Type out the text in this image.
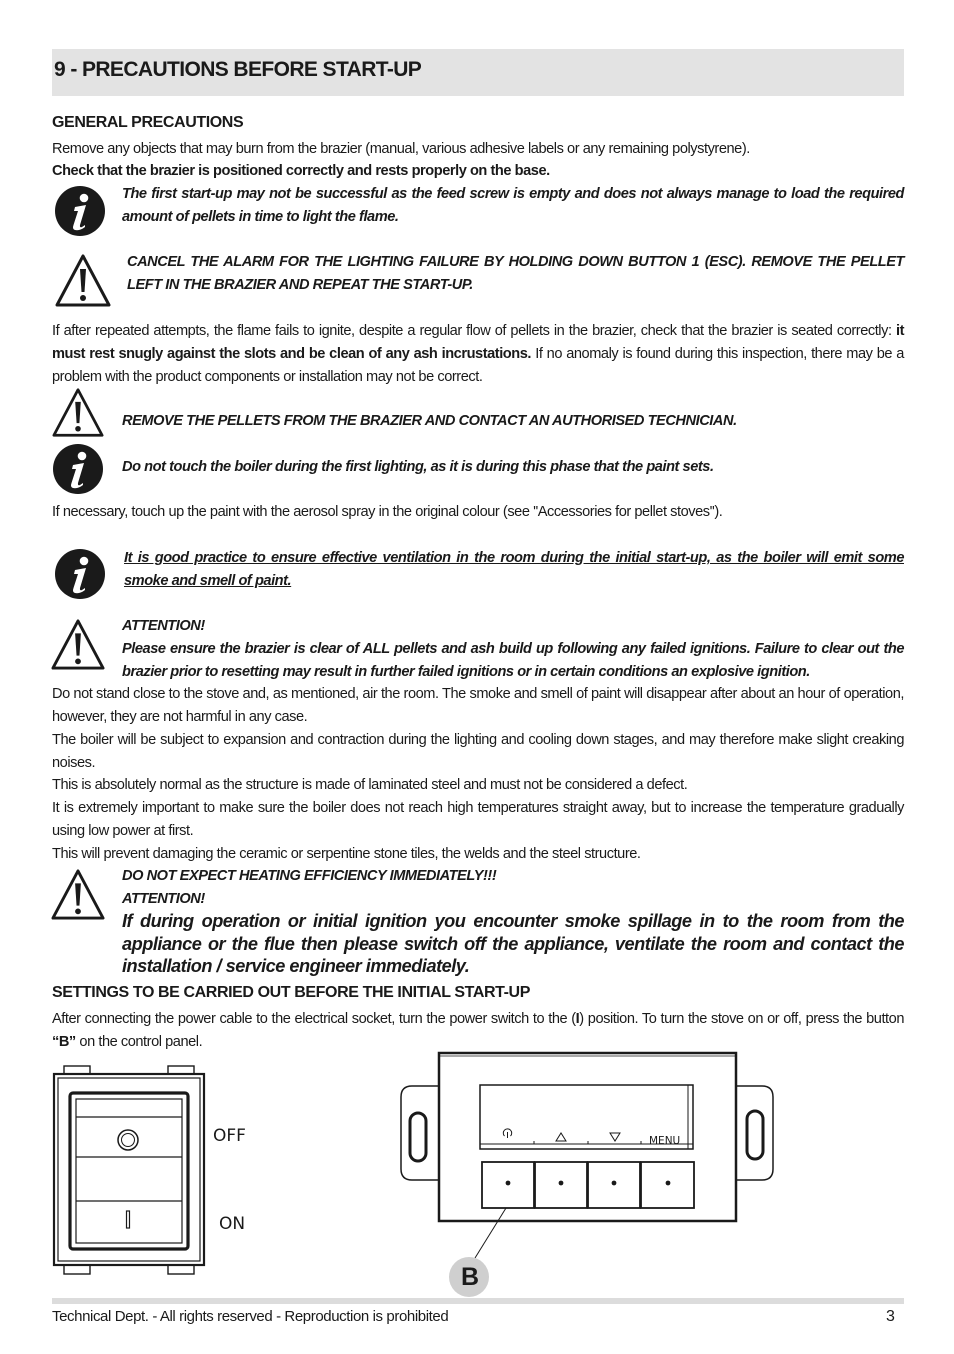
9 - PRECAUTIONS BEFORE START-UP
GENERAL PRECAUTIONS
Remove any objects that may burn from the brazier (manual, various adhesive labels or any remaining polystyrene).
Check that the brazier is positioned correctly and rests properly on the base.
The first start-up may not be successful as the feed screw is empty and does not always manage to load the required amount of pellets in time to light the flame.
CANCEL THE ALARM FOR THE LIGHTING FAILURE BY HOLDING DOWN BUTTON 1 (ESC). REMOVE THE PELLET LEFT IN THE BRAZIER AND REPEAT THE START-UP.
If after repeated attempts, the flame fails to ignite, despite a regular flow of pellets in the brazier, check that the brazier is seated correctly: it must rest snugly against the slots and be clean of any ash incrustations. If no anomaly is found during this inspection, there may be a problem with the product components or installation may not be correct.
REMOVE THE PELLETS FROM THE BRAZIER AND CONTACT AN AUTHORISED TECHNICIAN.
Do not touch the boiler during the first lighting, as it is during this phase that the paint sets.
If necessary, touch up the paint with the aerosol spray in the original colour (see ''Accessories for pellet stoves'').
It is good practice to ensure effective ventilation in the room during the initial start-up, as the boiler will emit some smoke and smell of paint.
ATTENTION!
Please ensure the brazier is clear of ALL pellets and ash build up following any failed ignitions. Failure to clear out the brazier prior to resetting may result in further failed ignitions or in certain conditions an explosive ignition.
Do not stand close to the stove and, as mentioned, air the room. The smoke and smell of paint will disappear after about an hour of operation, however, they are not harmful in any case.
The boiler will be subject to expansion and contraction during the lighting and cooling down stages, and may therefore make slight creaking noises.
This is absolutely normal as the structure is made of laminated steel and must not be considered a defect.
It is extremely important to make sure the boiler does not reach high temperatures straight away, but to increase the temperature gradually using low power at first.
This will prevent damaging the ceramic or serpentine stone tiles, the welds and the steel structure.
DO NOT EXPECT HEATING EFFICIENCY IMMEDIATELY!!!
ATTENTION!
If during operation or initial ignition you encounter smoke spillage in to the room from the appliance or the flue then please switch off the appliance, ventilate the room and contact the installation / service engineer immediately.
SETTINGS TO BE CARRIED OUT BEFORE THE INITIAL START-UP
After connecting the power cable to the electrical socket, turn the power switch to the (I) position. To turn the stove on or off, press the button “B” on the control panel.
OFF
ON
MENU
B
Technical Dept. - All rights reserved - Reproduction is prohibited	3
